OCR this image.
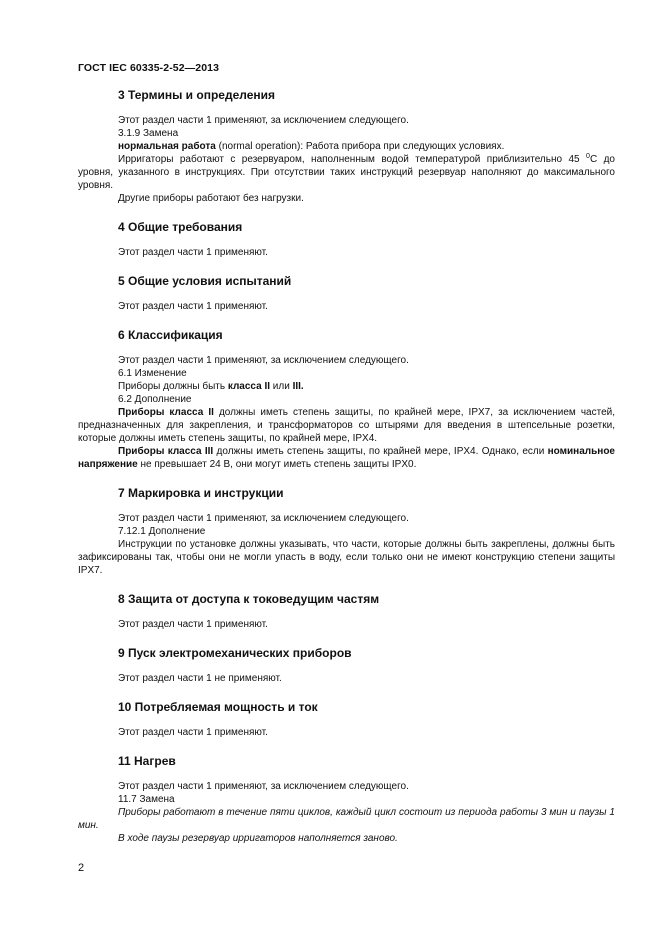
ГОСТ IEC 60335-2-52—2013
3 Термины и определения

Этот раздел части 1 применяют, за исключением следующего.

3.1.9 Замена

нормальная работа (normal operation): Работа прибора при следующих условиях.

Ирригаторы работают с резервуаром, наполненным водой температурой приблизительно 45 $^0$С до уровня, указанного в инструкциях. При отсутствии таких инструкций резервуар наполняют до максимального уровня.

Другие приборы работают без нагрузки.

4 Общие требования

Этот раздел части 1 применяют.

5 Общие условия испытаний

Этот раздел части 1 применяют.

6 Классификация

Этот раздел части 1 применяют, за исключением следующего.

6.1 Изменение

Приборы должны быть класса II или III.

6.2 Дополнение

Приборы класса II должны иметь степень защиты, по крайней мере, IPX7, за исключением частей, предназначенных для закрепления, и трансформаторов со штырями для введения в штепсельные розетки, которые должны иметь степень защиты, по крайней мере, IPX4.

Приборы класса III должны иметь степень защиты, по крайней мере, IPX4. Однако, если номинальное напряжение не превышает 24 В, они могут иметь степень защиты IPX0.

7 Маркировка и инструкции

Этот раздел части 1 применяют, за исключением следующего.

7.12.1 Дополнение

Инструкции по установке должны указывать, что части, которые должны быть закреплены, должны быть зафиксированы так, чтобы они не могли упасть в воду, если только они не имеют конструкцию степени защиты IPX7.

8 Защита от доступа к токоведущим частям

Этот раздел части 1 применяют.

9 Пуск электромеханических приборов

Этот раздел части 1 не применяют.

10 Потребляемая мощность и ток

Этот раздел части 1 применяют.

11 Нагрев

Этот раздел части 1 применяют, за исключением следующего.

11.7 Замена

Приборы работают в течение пяти циклов, каждый цикл состоит из периода работы 3 мин и паузы 1 мин.

В ходе паузы резервуар ирригаторов наполняется заново.

2
